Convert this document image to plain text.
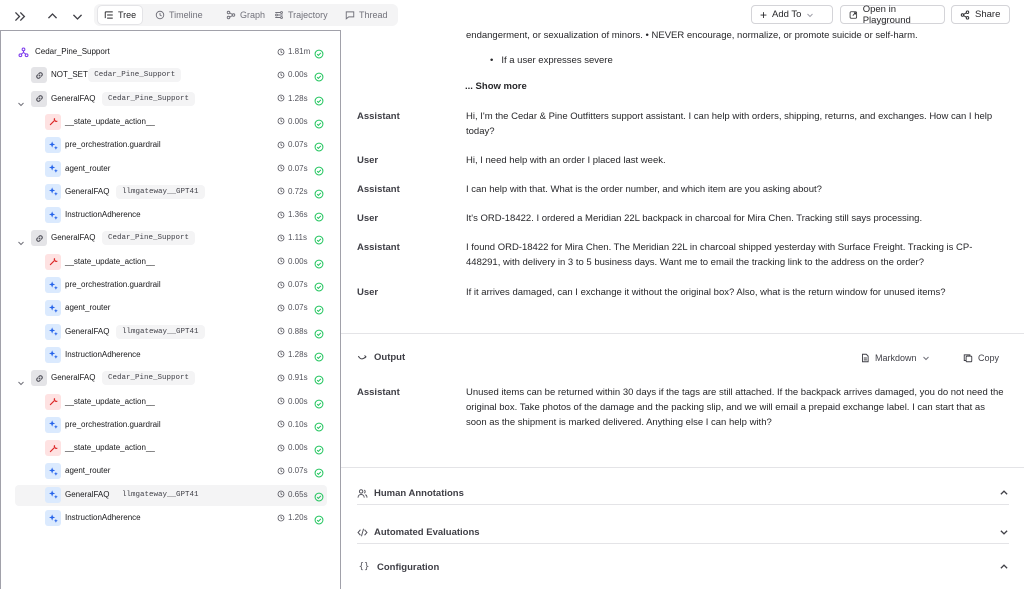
Tree	Timeline	Graph	Trajectory	Thread	+ Add To	Open in Playground	Share
Cedar_Pine_Support	1.81m
NOT_SET Cedar_Pine_Support	0.00s
GeneralFAQ	Cedar_Pine_Support	1.28s
__state_update_action__	0.00s
pre_orchestration.guardrail	0.07s
agent_router	0.07s
GeneralFAQ	llmgateway__GPT41	0.72s
InstructionAdherence	1.36s
GeneralFAQ	Cedar_Pine_Support	1.11s
__state_update_action__	0.00s
pre_orchestration.guardrail	0.07s
agent_router	0.07s
GeneralFAQ	llmgateway__GPT41	0.88s
InstructionAdherence	1.28s
GeneralFAQ	Cedar_Pine_Support	0.91s
__state_update_action__	0.00s
pre_orchestration.guardrail	0.10s
__state_update_action__	0.00s
agent_router	0.07s
GeneralFAQ	llmgateway__GPT41	0.65s
InstructionAdherence	1.20s
endangerment, or sexualization of minors. • NEVER encourage, normalize, or promote suicide or self-harm.
• If a user expresses severe
... Show more
Assistant	Hi, I'm the Cedar & Pine Outfitters support assistant. I can help with orders, shipping, returns, and exchanges. How can I help today?
User	Hi, I need help with an order I placed last week.
Assistant	I can help with that. What is the order number, and which item are you asking about?
User	It's ORD-18422. I ordered a Meridian 22L backpack in charcoal for Mira Chen. Tracking still says processing.
Assistant	I found ORD-18422 for Mira Chen. The Meridian 22L in charcoal shipped yesterday with Surface Freight. Tracking is CP-448291, with delivery in 3 to 5 business days. Want me to email the tracking link to the address on the order?
User	If it arrives damaged, can I exchange it without the original box? Also, what is the return window for unused items?
Output	Markdown	Copy
Assistant	Unused items can be returned within 30 days if the tags are still attached. If the backpack arrives damaged, you do not need the original box. Take photos of the damage and the packing slip, and we will email a prepaid exchange label. I can start that as soon as the shipment is marked delivered. Anything else I can help with?
Human Annotations
Automated Evaluations
{} Configuration
